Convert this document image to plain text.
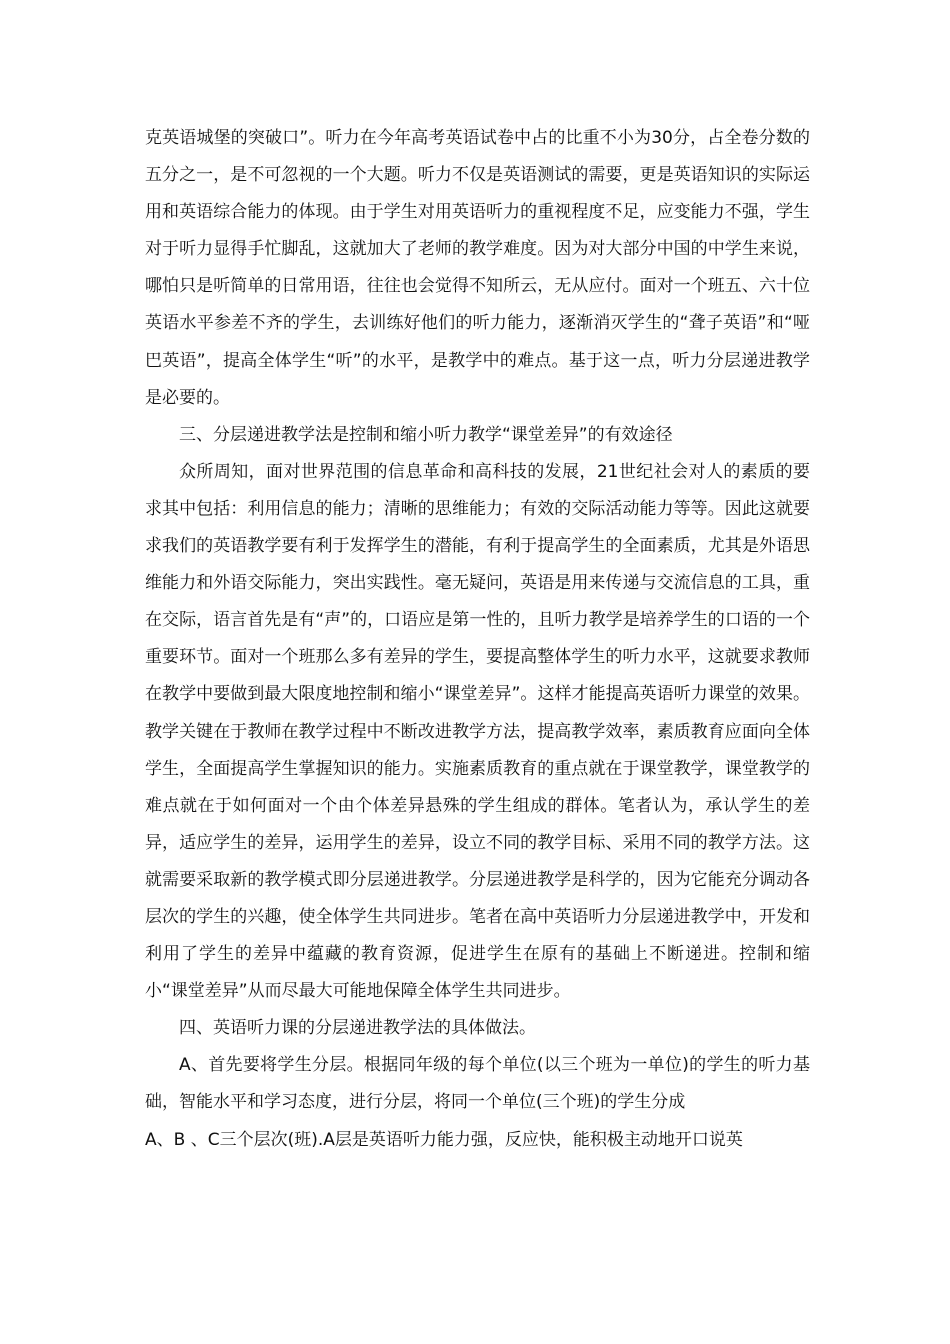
克英语城堡的突破口”。听力在今年高考英语试卷中占的比重不小为30分，占全卷分数的五分之一，是不可忽视的一个大题。听力不仅是英语测试的需要，更是英语知识的实际运用和英语综合能力的体现。由于学生对用英语听力的重视程度不足，应变能力不强，学生对于听力显得手忙脚乱，这就加大了老师的教学难度。因为对大部分中国的中学生来说，哪怕只是听简单的日常用语，往往也会觉得不知所云，无从应付。面对一个班五、六十位英语水平参差不齐的学生，去训练好他们的听力能力，逐渐消灭学生的“聋子英语”和“哑巴英语”，提高全体学生“听”的水平，是教学中的难点。基于这一点，听力分层递进教学是必要的。

三、分层递进教学法是控制和缩小听力教学“课堂差异”的有效途径

众所周知，面对世界范围的信息革命和高科技的发展，21世纪社会对人的素质的要求其中包括：利用信息的能力；清晰的思维能力；有效的交际活动能力等等。因此这就要求我们的英语教学要有利于发挥学生的潜能，有利于提高学生的全面素质，尤其是外语思维能力和外语交际能力，突出实践性。毫无疑问，英语是用来传递与交流信息的工具，重在交际，语言首先是有“声”的，口语应是第一性的，且听力教学是培养学生的口语的一个重要环节。面对一个班那么多有差异的学生，要提高整体学生的听力水平，这就要求教师在教学中要做到最大限度地控制和缩小“课堂差异”。这样才能提高英语听力课堂的效果。教学关键在于教师在教学过程中不断改进教学方法，提高教学效率，素质教育应面向全体学生，全面提高学生掌握知识的能力。实施素质教育的重点就在于课堂教学，课堂教学的难点就在于如何面对一个由个体差异悬殊的学生组成的群体。笔者认为，承认学生的差异，适应学生的差异，运用学生的差异，设立不同的教学目标、采用不同的教学方法。这就需要采取新的教学模式即分层递进教学。分层递进教学是科学的，因为它能充分调动各层次的学生的兴趣，使全体学生共同进步。笔者在高中英语听力分层递进教学中，开发和利用了学生的差异中蕴藏的教育资源，促进学生在原有的基础上不断递进。控制和缩小“课堂差异”从而尽最大可能地保障全体学生共同进步。

四、英语听力课的分层递进教学法的具体做法。

A、首先要将学生分层。根据同年级的每个单位(以三个班为一单位)的学生的听力基础，智能水平和学习态度，进行分层，将同一个单位(三个班)的学生分成

A、B 、C三个层次(班).A层是英语听力能力强，反应快，能积极主动地开口说英
